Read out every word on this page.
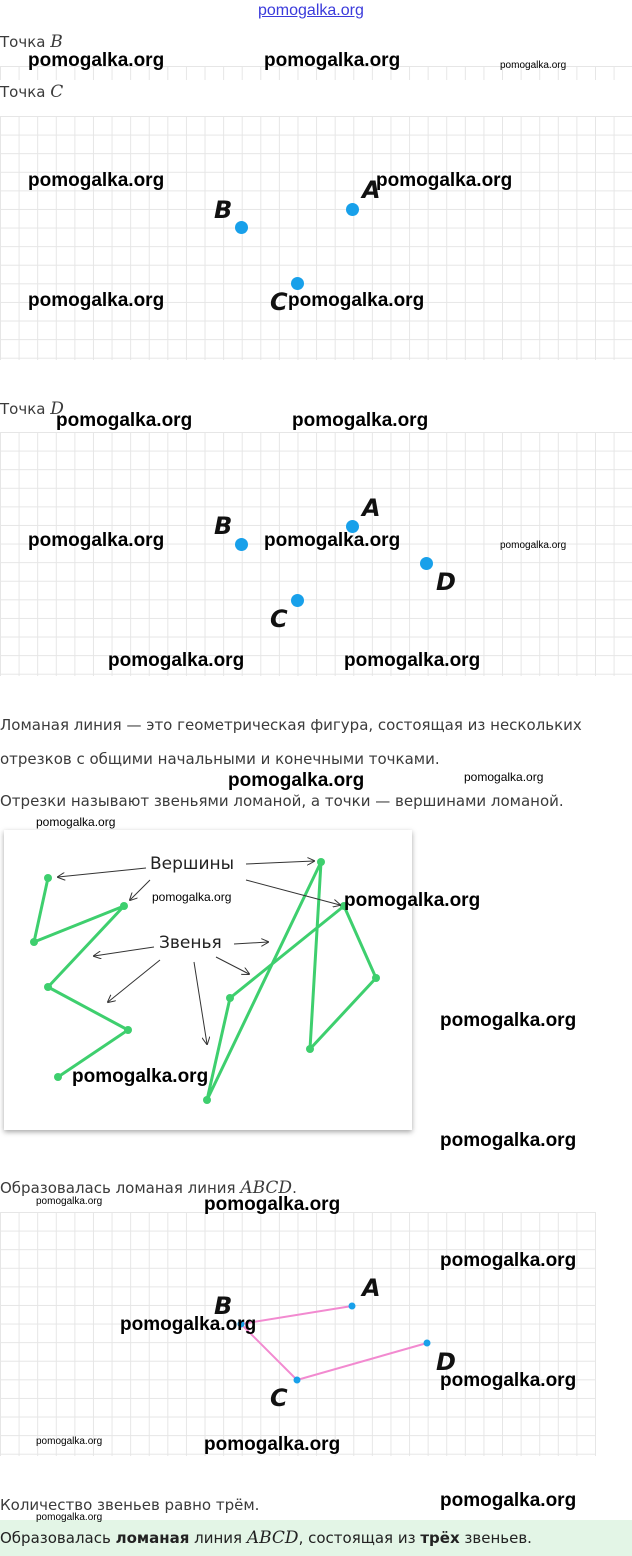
pomogalka.org
Точка B
Точка C
A
B
C
Точка D
A
B
C
D
Ломаная линия — это геометрическая фигура, состоящая из нескольких
отрезков с общими начальными и конечными точками.
Отрезки называют звеньями ломаной, а точки — вершинами ломаной.
Вершины
Звенья
Образовалась ломаная линия ABCD.
A
B
C
D
Количество звеньев равно трём.
Образовалась ломаная линия ABCD, состоящая из трёх звеньев.
pomogalka.org	pomogalka.org	pomogalka.org
pomogalka.org	pomogalka.org
pomogalka.org	pomogalka.org
pomogalka.org	pomogalka.org
pomogalka.org	pomogalka.org	pomogalka.org
pomogalka.org	pomogalka.org
pomogalka.org	pomogalka.org
pomogalka.org
pomogalka.org	pomogalka.org
pomogalka.org
pomogalka.org
pomogalka.org
pomogalka.org	pomogalka.org
pomogalka.org
pomogalka.org
pomogalka.org
pomogalka.org	pomogalka.org
pomogalka.org
pomogalka.org
